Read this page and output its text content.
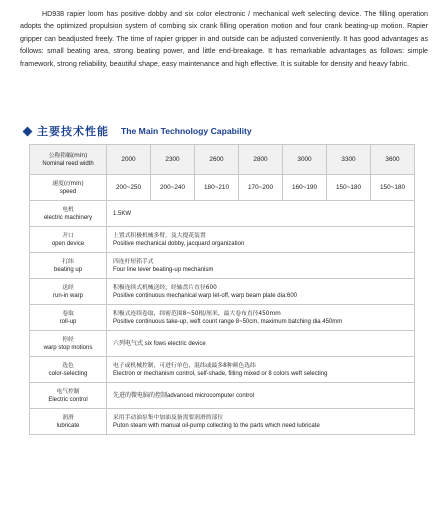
HD938 rapier loom has positive dobby and six color electronic / mechanical weft selecting device. The filling operation adopts the optimized propulsion system of combing six crank filling operation motion and four crank beating-up motion. Rapier gripper can beadjusted freely. The time of rapier gripper in and outside can be adjusted conveniently. It has good advantages as follows: small beating area, strong beating power, and little end-breakage. It has remarkable advantages as follows: simple framework, strong reliability, beautiful shape, easy maintenance and high effective. It is suitable for density and heavy fabric.

主要技术性能 The Main Technology Capability
公称筘幅(min)
Nominal reed width	2000	2300	2600	2800	3000	3300	3600

速度(r/min)
speed	200~250	200~240	180~210	170~200	160~190	150~180	150~180

电机
electric machinery	1.5KW						

开口
open device	上置式积极机械多臂，及大提花装置
Positive mechanical dobby, jacquard organization						

打纬
beating up	四连杆短筘手式
Four line lever beating-up mechanism						

送经
run-in warp	积极连续式机械送经，经轴盘片直径600
Positive continuous mechanical warp let-off, warp beam plate dia:600						

卷取
roll-up	积极式连续卷取，纬密范围8~50根/厘米，最大卷布直径450mm
Positive continuous take-up, weft count range 8~50cm, maximum batching dia 450mm						

停经
warp stop motions	六列电气式 six fows electric device						

选色
color-selecting	电子或机械控制，可进行单色，混纬或最多8种颜色选纬
Electron or mechanism control, self-shade, filling mixed or 8 colors weft selecting						

电气控制
Electric control	先进的微电脑的控制advanced microcomputer control						

润滑
lubricate	采用手动油泵集中加油及备需要润滑的部位
Puton steam with manual oil-pump collecting to the parts which need lubricate						
